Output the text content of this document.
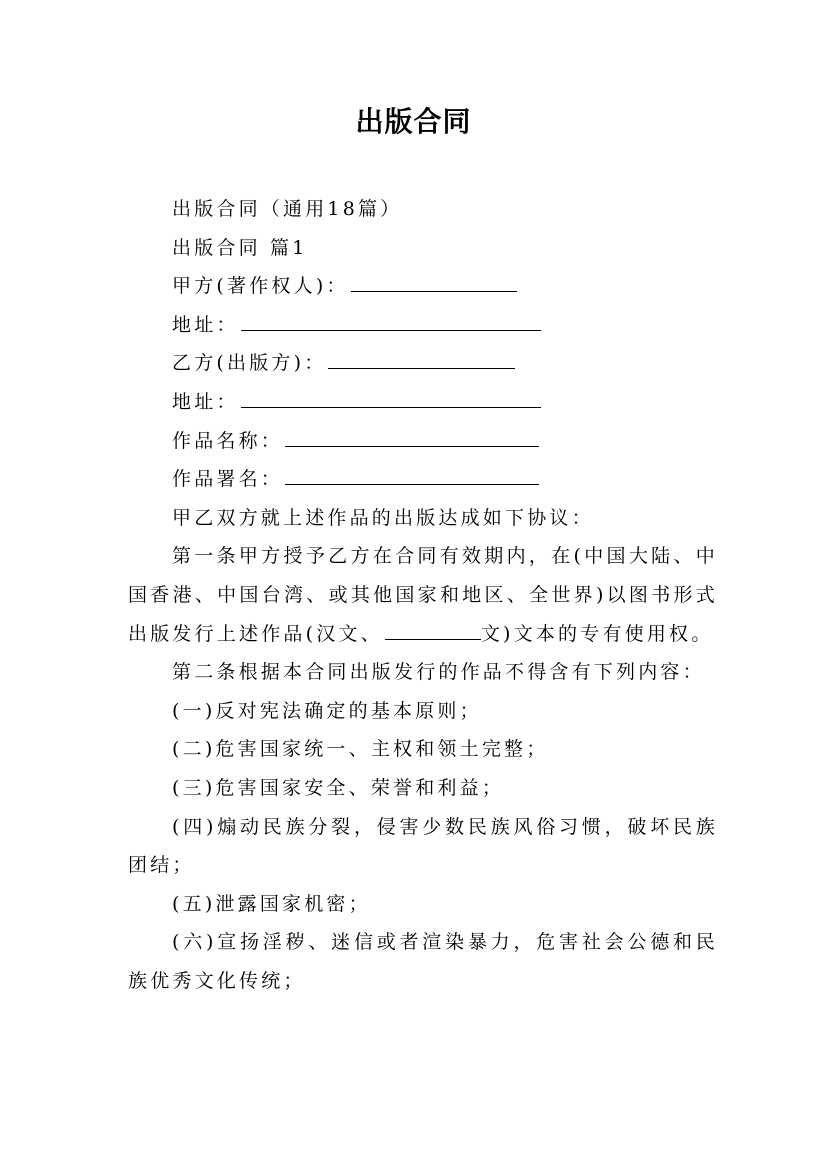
出版合同

出版合同（通用18篇）

出版合同 篇1

甲方(著作权人)：

地址：

乙方(出版方)：

地址：

作品名称：

作品署名：

甲乙双方就上述作品的出版达成如下协议：

第一条甲方授予乙方在合同有效期内，在(中国大陆、中国香港、中国台湾、或其他国家和地区、全世界)以图书形式出版发行上述作品(汉文、	文)文本的专有使用权。

第二条根据本合同出版发行的作品不得含有下列内容：

(一)反对宪法确定的基本原则；

(二)危害国家统一、主权和领土完整；

(三)危害国家安全、荣誉和利益；

(四)煽动民族分裂，侵害少数民族风俗习惯，破坏民族团结；

(五)泄露国家机密；

(六)宣扬淫秽、迷信或者渲染暴力，危害社会公德和民族优秀文化传统；
